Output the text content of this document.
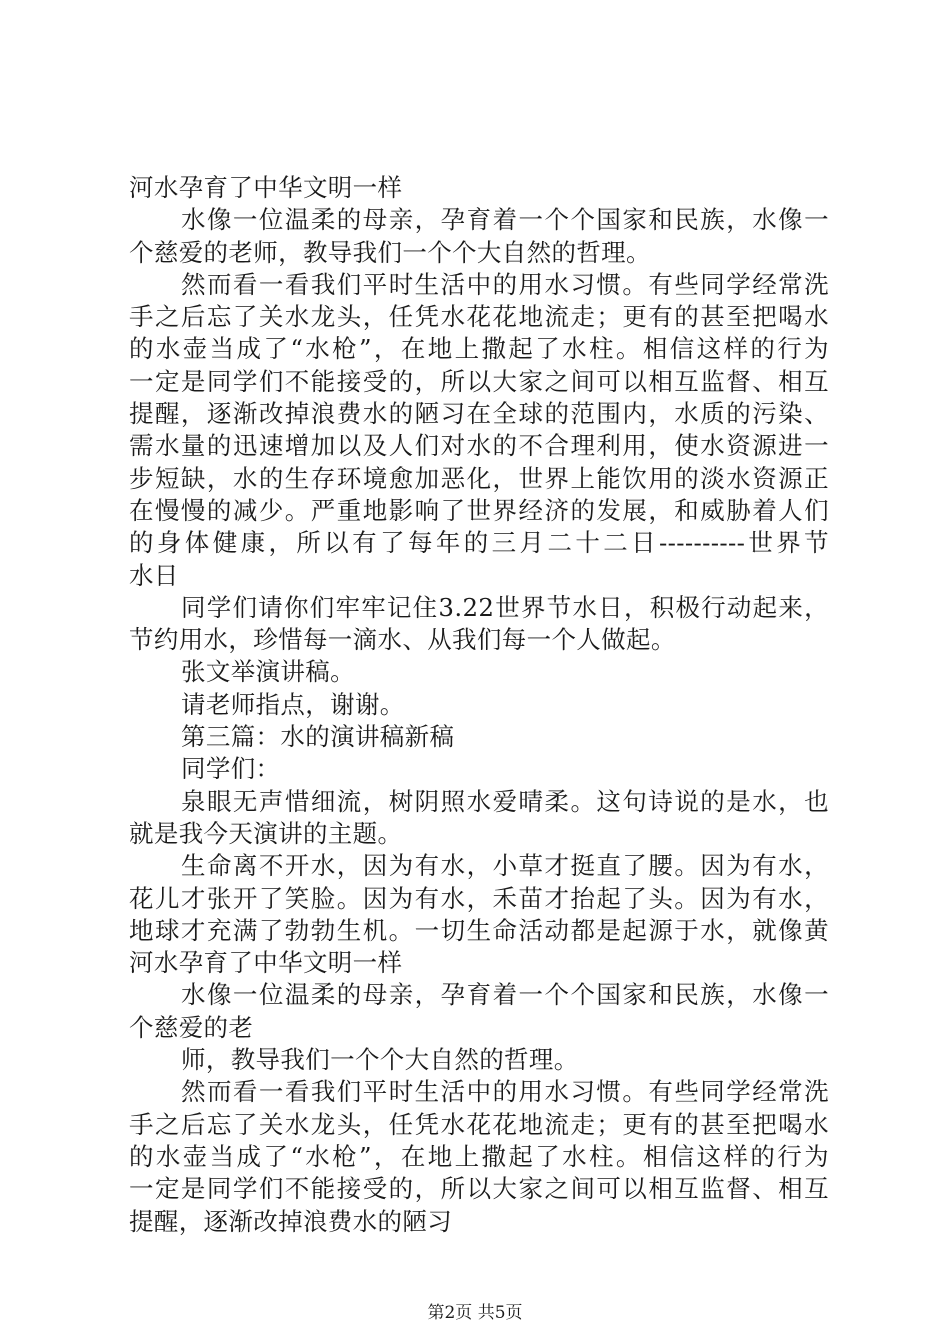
河水孕育了中华文明一样
水像一位温柔的母亲，孕育着一个个国家和民族，水像一
个慈爱的老师，教导我们一个个大自然的哲理。
然而看一看我们平时生活中的用水习惯。有些同学经常洗
手之后忘了关水龙头，任凭水花花地流走；更有的甚至把喝水
的水壶当成了“水枪”，在地上撒起了水柱。相信这样的行为
一定是同学们不能接受的，所以大家之间可以相互监督、相互
提醒，逐渐改掉浪费水的陋习在全球的范围内，水质的污染、
需水量的迅速增加以及人们对水的不合理利用，使水资源进一
步短缺，水的生存环境愈加恶化，世界上能饮用的淡水资源正
在慢慢的减少。严重地影响了世界经济的发展，和威胁着人们
的身体健康，所以有了每年的三月二十二日----------世界节
水日
同学们请你们牢牢记住3.22世界节水日，积极行动起来，
节约用水，珍惜每一滴水、从我们每一个人做起。
张文举演讲稿。
请老师指点，谢谢。
第三篇：水的演讲稿新稿
同学们：
泉眼无声惜细流，树阴照水爱晴柔。这句诗说的是水，也
就是我今天演讲的主题。
生命离不开水，因为有水，小草才挺直了腰。因为有水，
花儿才张开了笑脸。因为有水，禾苗才抬起了头。因为有水，
地球才充满了勃勃生机。一切生命活动都是起源于水，就像黄
河水孕育了中华文明一样
水像一位温柔的母亲，孕育着一个个国家和民族，水像一
个慈爱的老
师，教导我们一个个大自然的哲理。
然而看一看我们平时生活中的用水习惯。有些同学经常洗
手之后忘了关水龙头，任凭水花花地流走；更有的甚至把喝水
的水壶当成了“水枪”，在地上撒起了水柱。相信这样的行为
一定是同学们不能接受的，所以大家之间可以相互监督、相互
提醒，逐渐改掉浪费水的陋习
第2页 共5页
